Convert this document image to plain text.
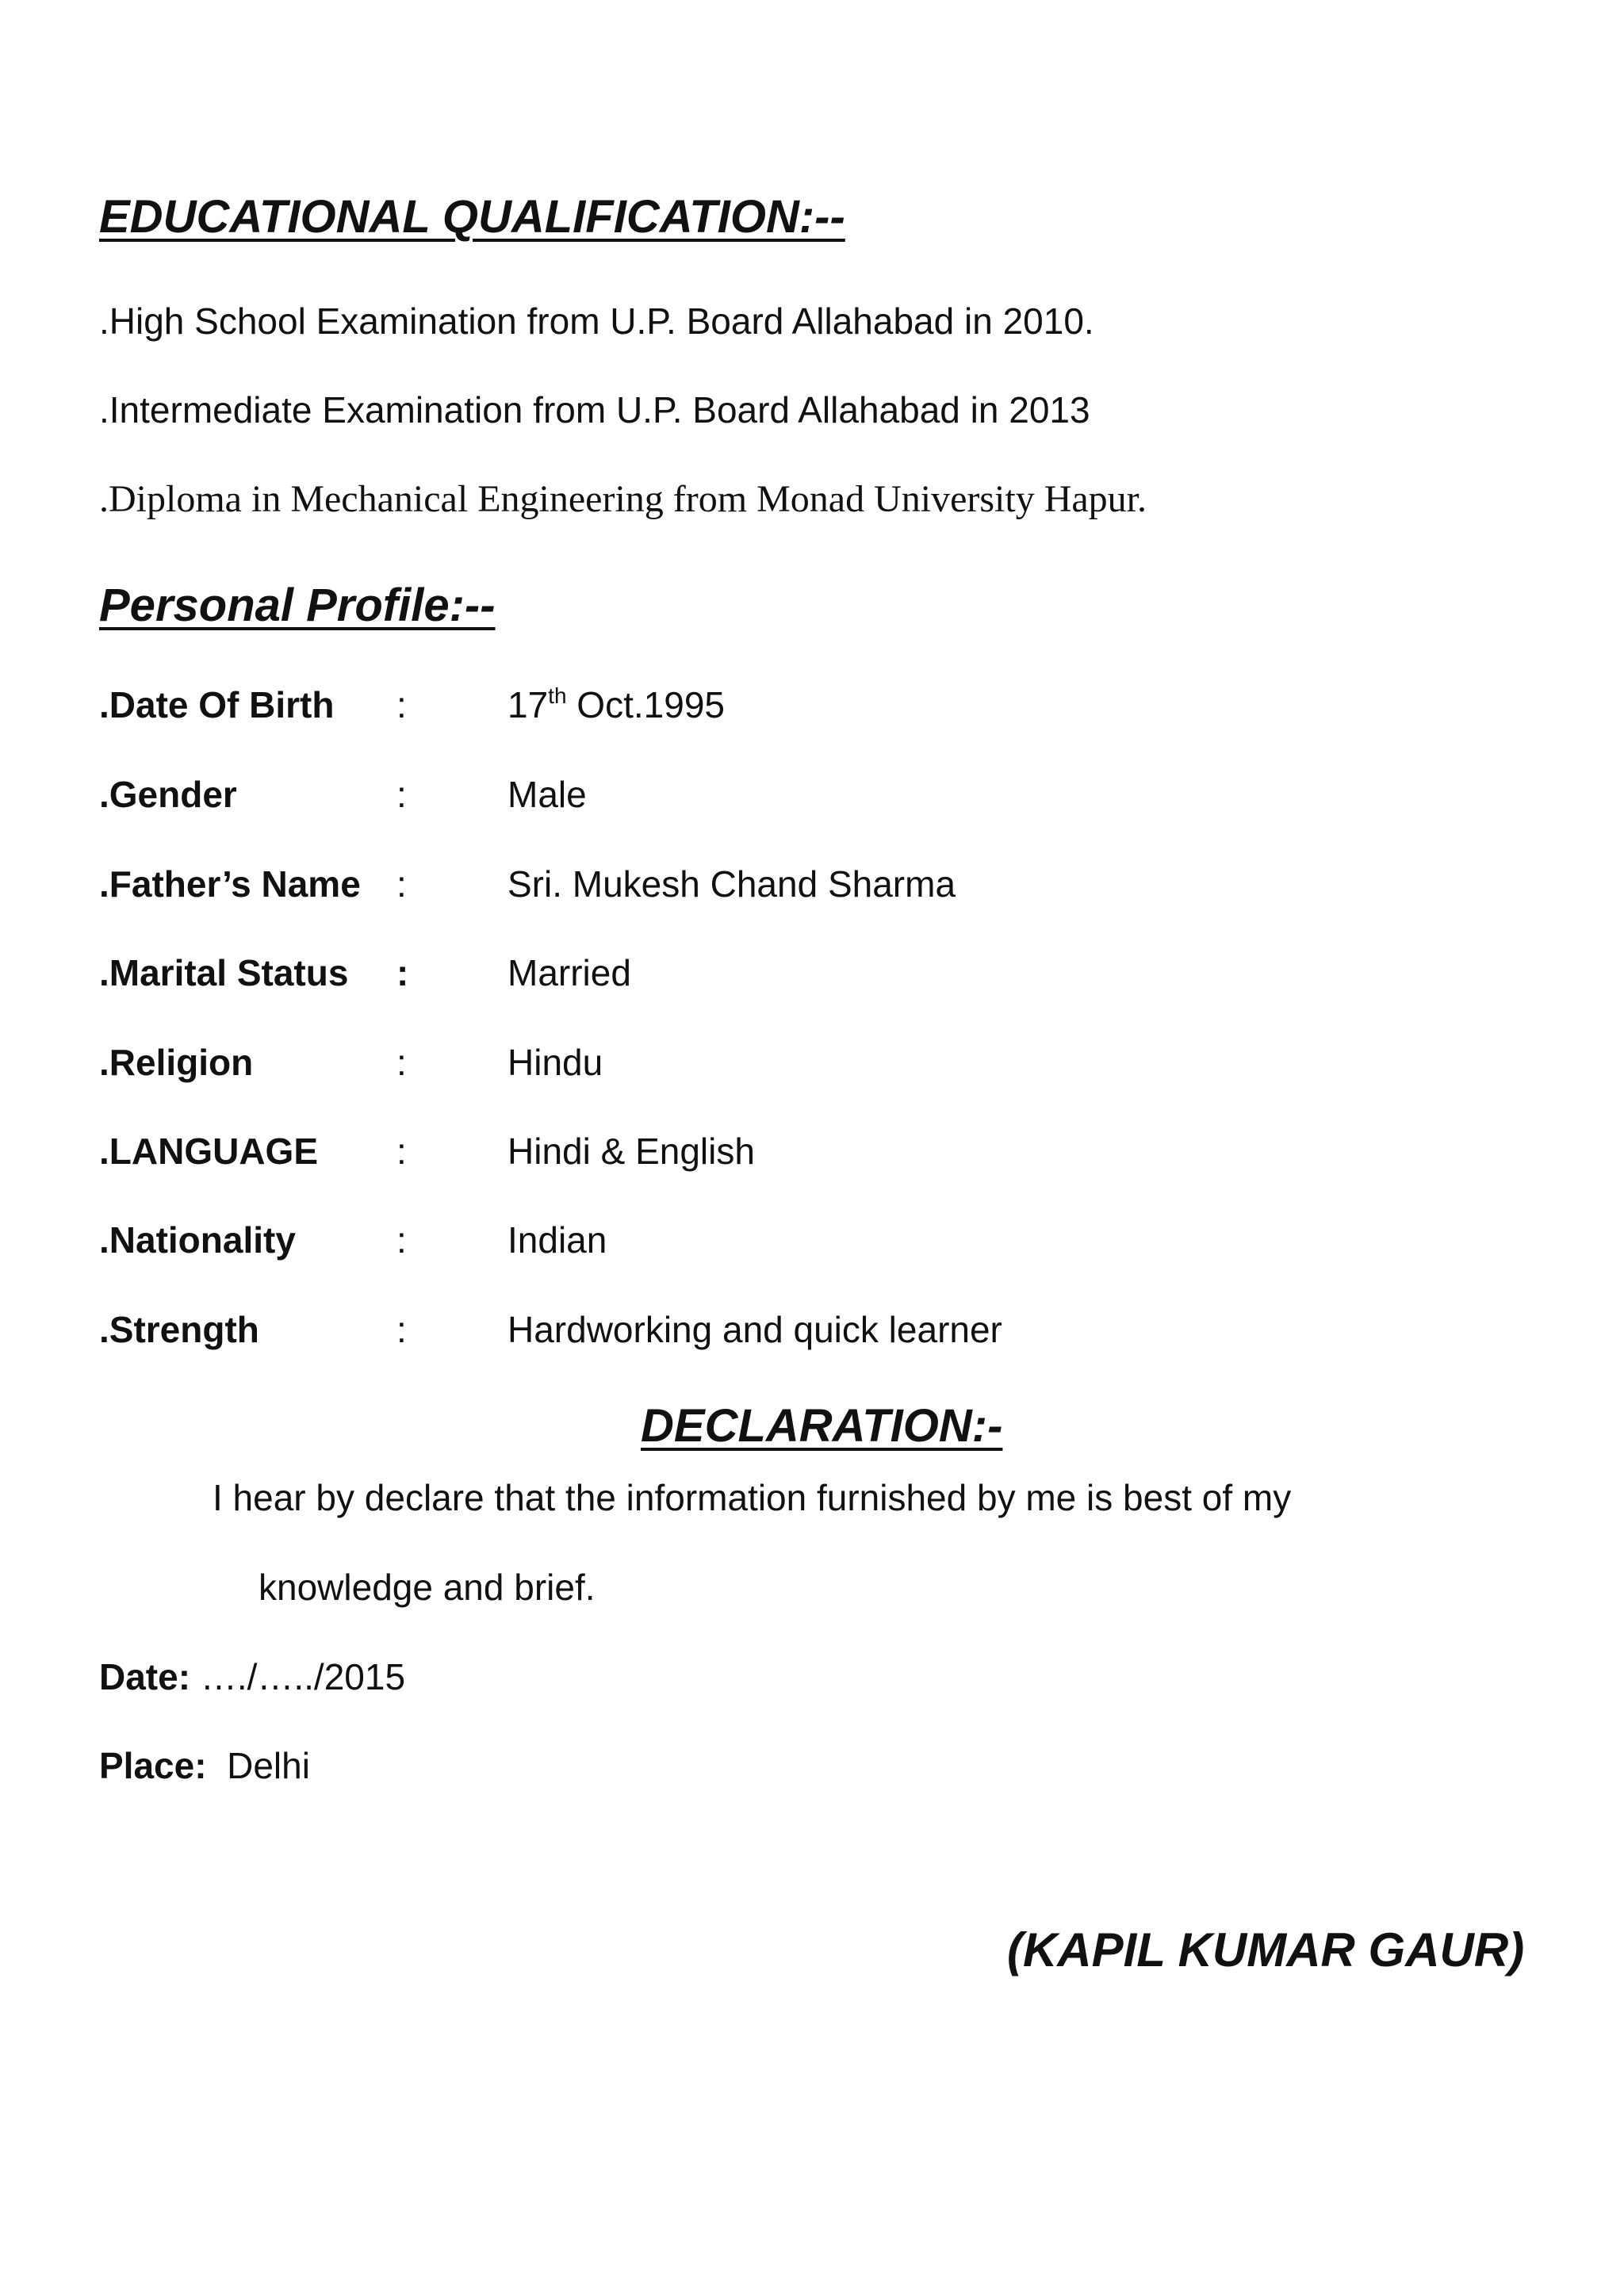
EDUCATIONAL QUALIFICATION:--
.High School Examination from U.P. Board Allahabad in 2010.
.Intermediate Examination from U.P. Board Allahabad in 2013
.Diploma in Mechanical Engineering from Monad University Hapur.
Personal Profile:--
.Date Of Birth :	17th Oct.1995
.Gender	:	Male
.Father’s Name :	Sri. Mukesh Chand Sharma
.Marital Status :	Married
.Religion	:	Hindu
.LANGUAGE :	Hindi & English
.Nationality	:	Indian
.Strength	:	Hardworking and quick learner
DECLARATION:-
I hear by declare that the information furnished by me is best of my
knowledge and brief.
Date: …./…../2015
Place: Delhi
(KAPIL KUMAR GAUR)
